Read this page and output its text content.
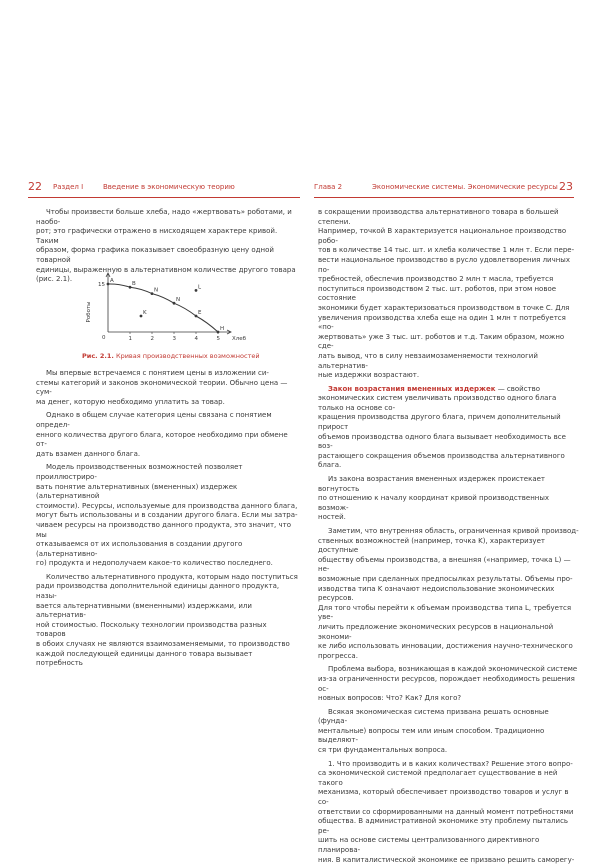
22 Раздел I	Введение в экономическую теорию	Глава 2	Экономические системы. Экономические ресурсы 23

Чтобы произвести больше хлеба, надо «жертвовать» роботами, и наобо-
рот; это графически отражено в нисходящем характере кривой. Таким
образом, форма графика показывает своеобразную цену одной товарной
единицы, выраженную в альтернативном количестве другого товара
(рис. 2.1).

Роботы
Хлеб
0	1	2	3	4	5
15
A
B
N
N
E
H
K
L
Рис. 2.1. Кривая производственных возможностей

Мы впервые встречаемся с понятием цены в изложении си-
стемы категорий и законов экономической теории. Обычно цена — сум-
ма денег, которую необходимо уплатить за товар.

Однако в общем случае категория цены связана с понятием определ-
енного количества другого блага, которое необходимо при обмене от-
дать взамен данного блага.

Модель производственных возможностей позволяет проиллюстриро-
вать понятие альтернативных (вмененных) издержек (альтернативной
стоимости). Ресурсы, используемые для производства данного блага,
могут быть использованы и в создании другого блага. Если мы затра-
чиваем ресурсы на производство данного продукта, это значит, что мы
отказываемся от их использования в создании другого (альтернативно-
го) продукта и недополучаем какое-то количество последнего.

Количество альтернативного продукта, которым надо поступиться
ради производства дополнительной единицы данного продукта, назы-
вается альтернативными (вмененными) издержками, или альтернатив-
ной стоимостью. Поскольку технологии производства разных товаров
в обоих случаях не являются взаимозаменяемыми, то производство
каждой последующей единицы данного товара вызывает потребность

в сокращении производства альтернативного товара в большей степени.
Например, точкой B характеризуется национальное производство робо-
тов в количестве 14 тыс. шт. и хлеба количестве 1 млн т. Если пере-
вести национальное производство в русло удовлетворения личных по-
требностей, обеспечив производство 2 млн т масла, требуется
поступиться производством 2 тыс. шт. роботов, при этом новое состояние
экономики будет характеризоваться производством в точке C. Для
увеличения производства хлеба еще на один 1 млн т потребуется «по-
жертвовать» уже 3 тыс. шт. роботов и т.д. Таким образом, можно сде-
лать вывод, что в силу невзаимозаменяемости технологий альтернатив-
ные издержки возрастают.

Закон возрастания вмененных издержек — свойство экономических систем увеличивать производство одного блага только на основе со-
кращения производства другого блага, причем дополнительный прирост
объемов производства одного блага вызывает необходимость все воз-
растающего сокращения объемов производства альтернативного блага.

Из закона возрастания вмененных издержек проистекает вогнутость
по отношению к началу координат кривой производственных возмож-
ностей.

Заметим, что внутренняя область, ограниченная кривой производ-
ственных возможностей (например, точка K), характеризует доступные
обществу объемы производства, а внешняя («например, точка L) — не-
возможные при сделанных предпосылках результаты. Объемы про-
изводства типа K означают недоиспользование экономических ресурсов.
Для того чтобы перейти к объемам производства типа L, требуется уве-
личить предложение экономических ресурсов в национальной экономи-
ке либо использовать инновации, достижения научно-технического
прогресса.

Проблема выбора, возникающая в каждой экономической системе
из-за ограниченности ресурсов, порождает необходимость решения ос-
новных вопросов: Что? Как? Для кого?

Всякая экономическая система призвана решать основные (фунда-
ментальные) вопросы тем или иным способом. Традиционно выделяют-
ся три фундаментальных вопроса.

1. Что производить и в каких количествах? Решение этого вопро-
са экономической системой предполагает существование в ней такого
механизма, который обеспечивает производство товаров и услуг в со-
ответствии со сформированными на данный момент потребностями
общества. В административной экономике эту проблему пытались ре-
шить на основе системы централизованного директивного планирова-
ния. В капиталистической экономике ее призвано решить саморегу-
